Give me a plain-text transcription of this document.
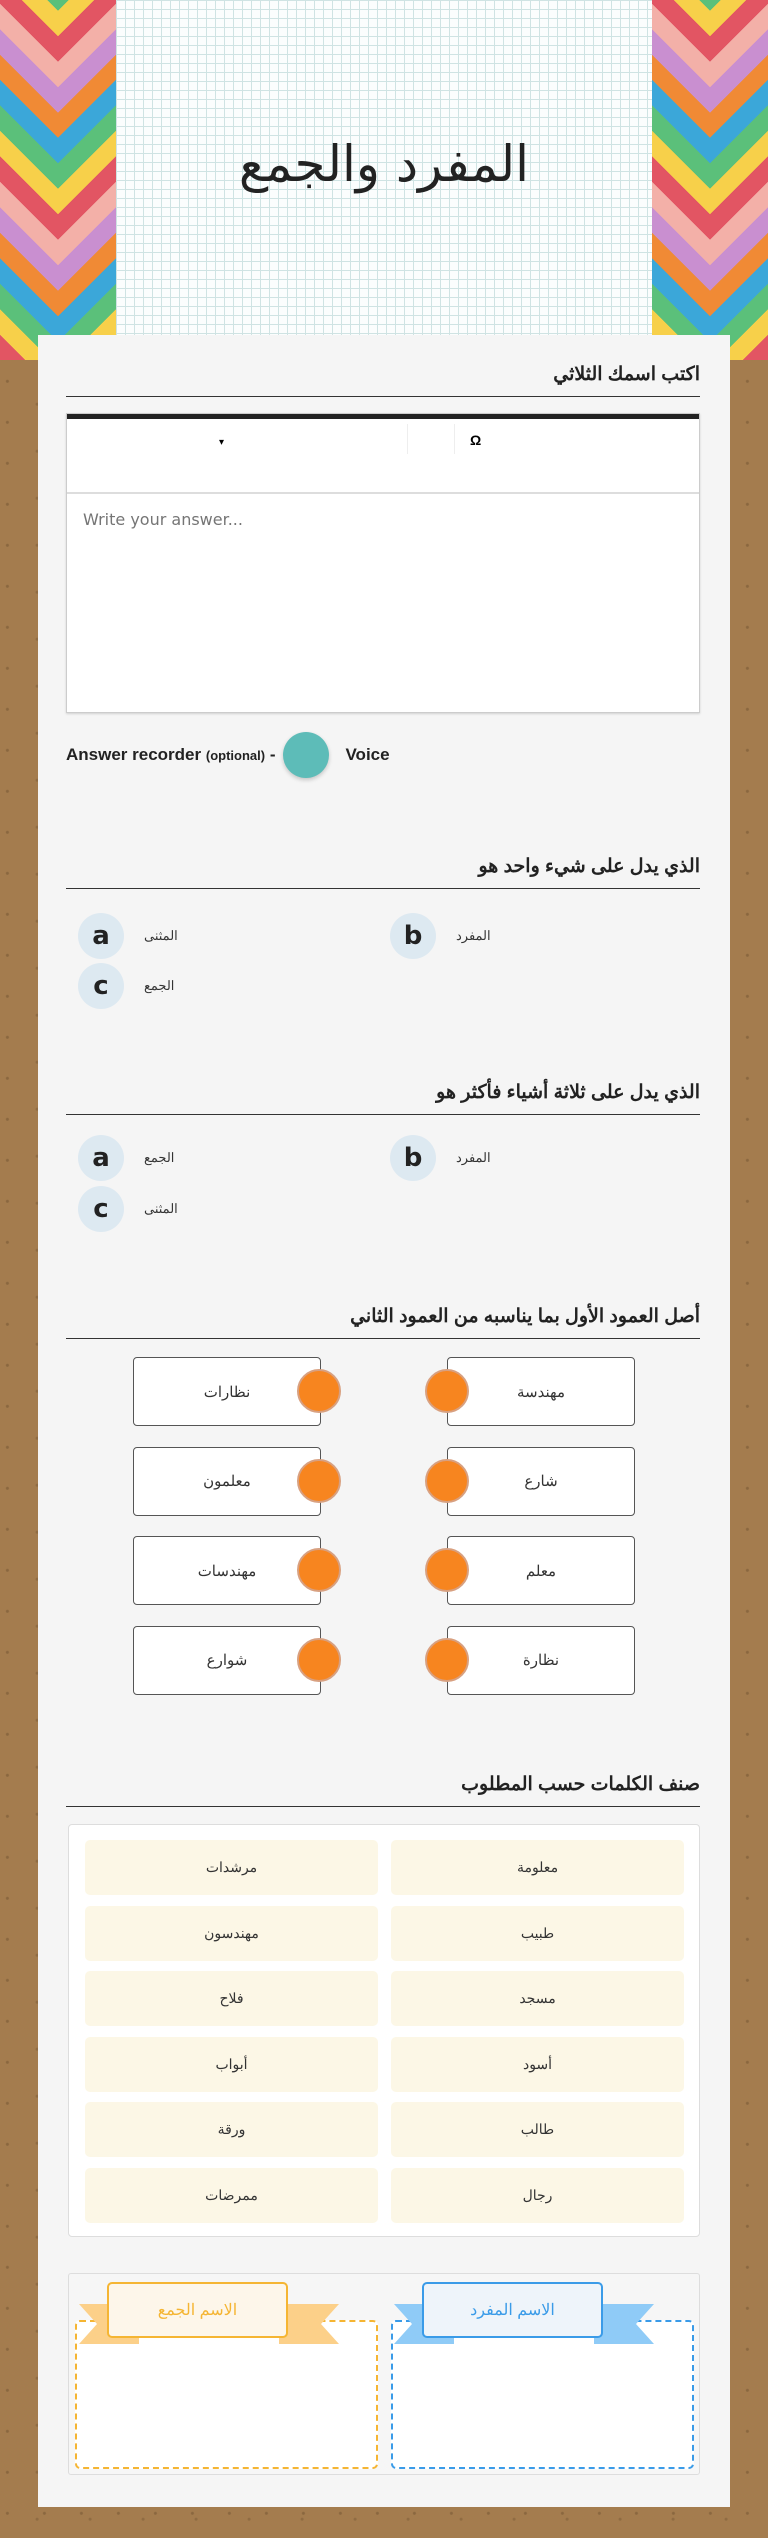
المفرد والجمع
اكتب اسمك الثلاثي
▾	Ω
Write your answer...
Answer recorder (optional) -	Voice
الذي يدل على شيء واحد هو
a	المثنى	b	المفرد
c	الجمع
الذي يدل على ثلاثة أشياء فأكثر هو
a	الجمع	b	المفرد
c	المثنى
أصل العمود الأول بما يناسبه من العمود الثاني
نظارات	مهندسة
معلمون	شارع
مهندسات	معلم
شوارع	نظارة
صنف الكلمات حسب المطلوب
مرشدات	معلومة
مهندسون	طبيب
فلاح	مسجد
أبواب	أسود
ورقة	طالب
ممرضات	رجال
الاسم الجمع	الاسم المفرد
